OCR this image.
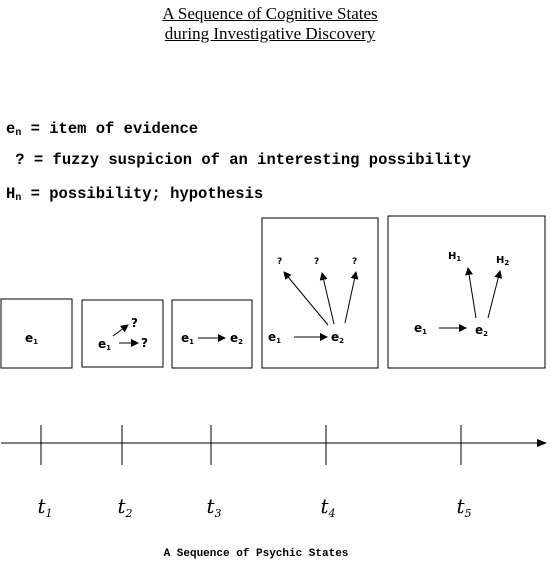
A Sequence of Cognitive States
during Investigative Discovery
$e_n$ = item of evidence
? = fuzzy suspicion of an interesting possibility
$H_n$ = possibility; hypothesis
e1	e1
?
?	e1	e2
?	?	?
e1	e2
$H_1$	$H_2$
e1	e2
$t_1$	$t_2$	$t_3$	$t_4$	$t_5$
A Sequence of Psychic States
